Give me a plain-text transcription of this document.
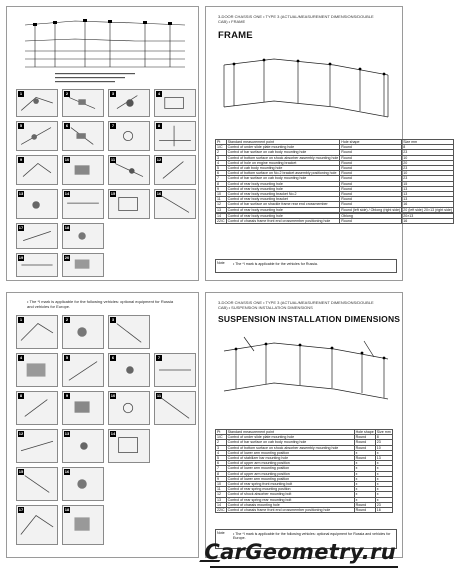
1	2	3	4
5	6	7	8
9	10	11	12
13	14	15	16
17	18
19	20
3-DOOR CHASSIS ONE • TYPE 3 (ACTUAL/MEASUREMENT DIMENSIONS/DOUBLE CAB) • FRAME
FRAME
Pt	Standard measurement point	Hole shape	Size mm
1/C	Control of under slide plate mounting hole	Round	8
2	Control of bar surface on cab body mounting hole	Round	23
3	Control of bottom surface on shock absorber assembly mounting hole	Round	10
4	Control of hole on engine mounting bracket	Round	20
5	Control of cab body mounting hole	Round	23
6	Control of bottom surface on No.2 bracket assembly positioning hole	Round	10
7	Control of bar surface on cab body mounting hole	Round	23
8	Control of rear body mounting hole	Round	15
9	Control of rear body mounting hole	Round	13
10	Control of rear body mounting bracket No.2	Round	13
11	Control of rear body mounting bracket	Round	13
12	Control of bar surface on shackle frame rear end crossmember	Round	16
13	Control of rear body mounting hole	Round (left side) / Oblong (right side)	20 (left side) 20×13 (right side)

14	Control of rear body mounting hole	Oblong	20×13
22/C	Control of chassis frame front end crossmember positioning hole	Round	16
Note • The *I mark is applicable for the vehicles for Russia.
• The *I mark is applicable for the following vehicles: optional equipment for Russia and vehicles for Europe.
1	2	3
4	5	6	7
8	9	10	11
12	13	14
15	16
17	18
3-DOOR CHASSIS ONE • TYPE 3 (ACTUAL/MEASUREMENT DIMENSIONS/DOUBLE CAB) • SUSPENSION INSTALLATION DIMENSIONS
SUSPENSION INSTALLATION DIMENSIONS
Pt	Standard measurement point	Hole shape	Size mm
1/C	Control of under slide plate mounting hole	Round	8
2	Control of bar surface on cab body mounting hole	Round	23
3	Control of bottom surface on shock absorber assembly mounting hole	Round	10
4	Control of lower arm mounting position	x	x
5	Control of stabilizer bar mounting hole	Round	13
6	Control of upper arm mounting position	x	x
7	Control of lower arm mounting position	x	x
8	Control of upper arm mounting position	x	x
9	Control of lower arm mounting position	x	x
10	Control of rear spring front mounting bolt	x	x
11	Control of rear spring mounting position	x	x
12	Control of shock absorber mounting bolt	x	x
13	Control of rear spring rear mounting bolt	x	x
14	Control of chassis mounting hole	Round	23
22/C	Control of chassis frame front end crossmember positioning hole	Round	16
Note • The *I mark is applicable for the following vehicles: optional equipment for Russia and vehicles for Europe.
CarGeometry.ru
